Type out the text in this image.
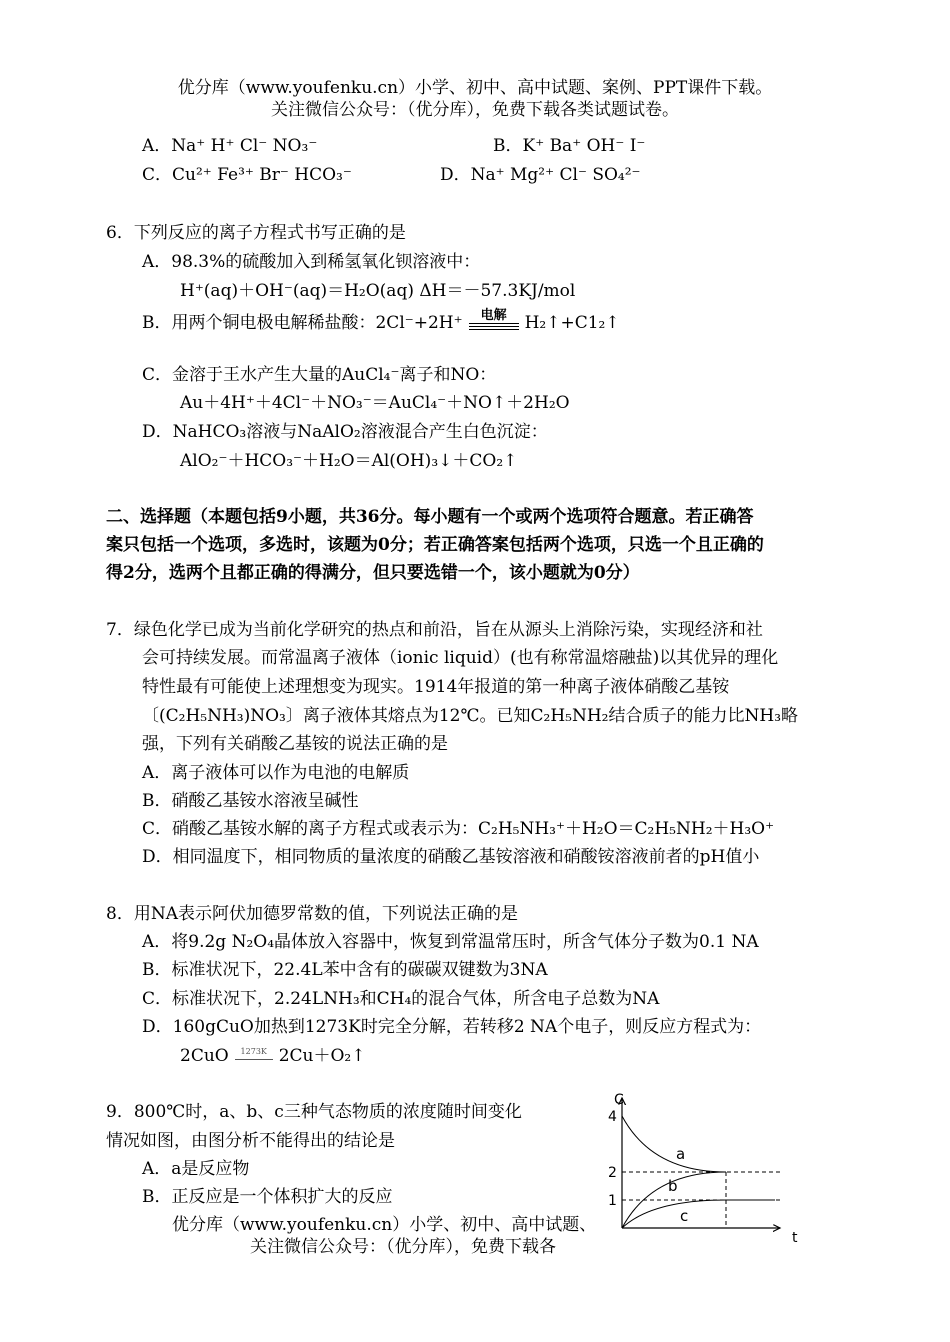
优分库（www.youfenku.cn）小学、初中、高中试题、案例、PPT课件下载。
关注微信公众号：（优分库），免费下载各类试题试卷。
A．Na⁺ H⁺ Cl⁻ NO₃⁻	B．K⁺ Ba⁺ OH⁻ I⁻
C．Cu²⁺ Fe³⁺ Br⁻ HCO₃⁻	D．Na⁺ Mg²⁺ Cl⁻ SO₄²⁻
6．下列反应的离子方程式书写正确的是
A．98.3%的硫酸加入到稀氢氧化钡溶液中：
H⁺(aq)＋OH⁻(aq)＝H₂O(aq) ΔH＝－57.3KJ/mol
B．用两个铜电极电解稀盐酸：2Cl⁻+2H⁺	电解	H₂↑+C1₂↑
C．金溶于王水产生大量的AuCl₄⁻离子和NO：
Au＋4H⁺＋4Cl⁻＋NO₃⁻＝AuCl₄⁻＋NO↑＋2H₂O
D．NaHCO₃溶液与NaAlO₂溶液混合产生白色沉淀：
AlO₂⁻＋HCO₃⁻＋H₂O＝Al(OH)₃↓＋CO₂↑
二、选择题（本题包括9小题，共36分。每小题有一个或两个选项符合题意。若正确答
案只包括一个选项，多选时，该题为0分；若正确答案包括两个选项，只选一个且正确的
得2分，选两个且都正确的得满分，但只要选错一个，该小题就为0分）
7．绿色化学已成为当前化学研究的热点和前沿，旨在从源头上消除污染，实现经济和社
会可持续发展。而常温离子液体（ionic liquid）(也有称常温熔融盐)以其优异的理化
特性最有可能使上述理想变为现实。1914年报道的第一种离子液体硝酸乙基铵
〔(C₂H₅NH₃)NO₃〕离子液体其熔点为12℃。已知C₂H₅NH₂结合质子的能力比NH₃略
强，下列有关硝酸乙基铵的说法正确的是
A．离子液体可以作为电池的电解质
B．硝酸乙基铵水溶液呈碱性
C．硝酸乙基铵水解的离子方程式或表示为：C₂H₅NH₃⁺＋H₂O＝C₂H₅NH₂＋H₃O⁺
D．相同温度下，相同物质的量浓度的硝酸乙基铵溶液和硝酸铵溶液前者的pH值小
8．用NA表示阿伏加德罗常数的值，下列说法正确的是
A．将9.2g N₂O₄晶体放入容器中，恢复到常温常压时，所含气体分子数为0.1 NA
B．标准状况下，22.4L苯中含有的碳碳双键数为3NA
C．标准状况下，2.24LNH₃和CH₄的混合气体，所含电子总数为NA
D．160gCuO加热到1273K时完全分解，若转移2 NA个电子，则反应方程式为：
2CuO	1273K 2Cu＋O₂↑
9．800℃时，a、b、c三种气态物质的浓度随时间变化
情况如图，由图分析不能得出的结论是
A．a是反应物
B．正反应是一个体积扩大的反应
优分库（www.youfenku.cn）小学、初中、高中试题、
关注微信公众号：（优分库），免费下载各
C
t
1
2
4
a
b
c
